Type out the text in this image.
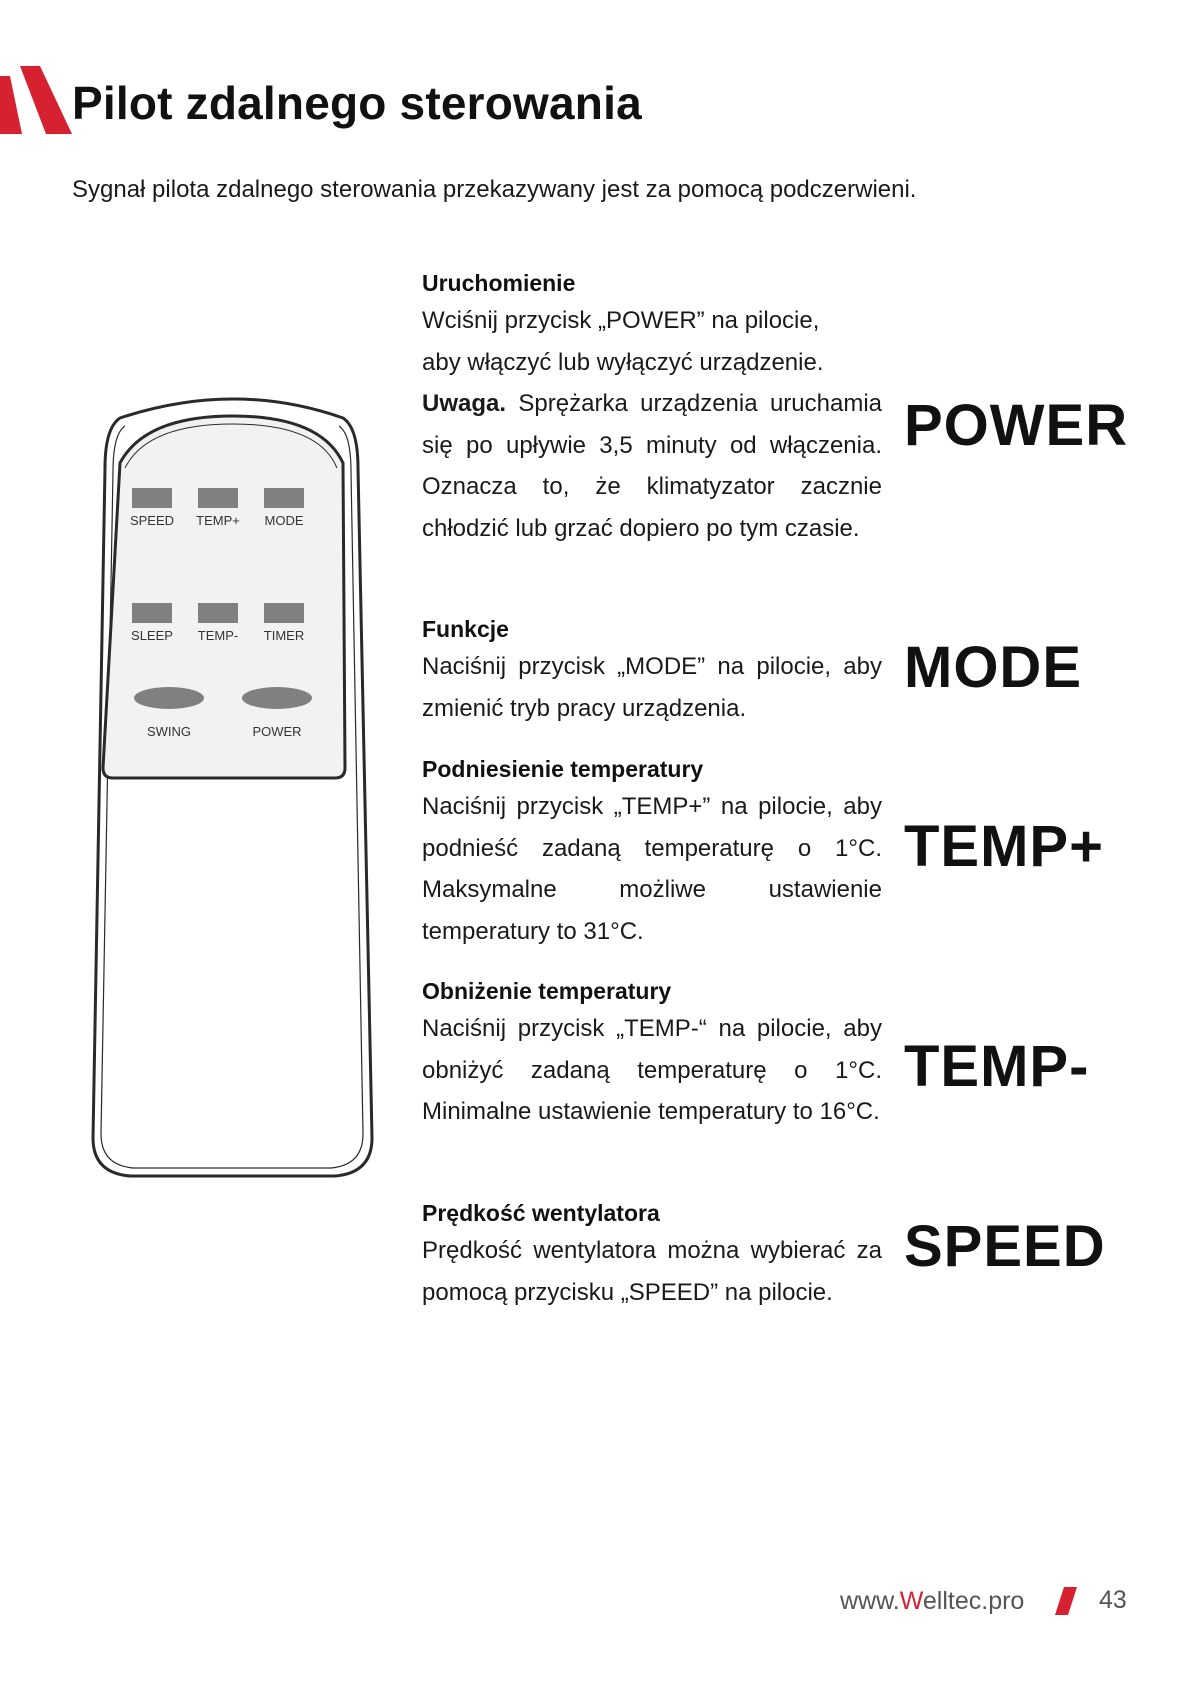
Pilot zdalnego sterowania
Sygnał pilota zdalnego sterowania przekazywany jest za pomocą podczerwieni.
SPEED TEMP+ MODE
SLEEP TEMP- TIMER
SWING	POWER
Uruchomienie
Wciśnij przycisk „POWER” na pilocie,
aby włączyć lub wyłączyć urządzenie.
Uwaga. Sprężarka urządzenia uruchamia się po upływie 3,5 minuty od włączenia. Oznacza to, że klimatyzator zacznie chłodzić lub grzać dopiero po tym czasie.
Funkcje
Naciśnij przycisk „MODE” na pilocie, aby zmienić tryb pracy urządzenia.
Podniesienie temperatury
Naciśnij przycisk „TEMP+” na pilocie, aby podnieść zadaną temperaturę o 1°C. Maksymalne możliwe ustawienie temperatury to 31°C.
Obniżenie temperatury
Naciśnij przycisk „TEMP-“ na pilocie, aby obniżyć zadaną temperaturę o 1°C. Minimalne ustawienie temperatury to 16°C.
Prędkość wentylatora
Prędkość wentylatora można wybierać za pomocą przycisku „SPEED” na pilocie.
POWER
MODE
TEMP+
TEMP-
SPEED
www.Welltec.pro	43
